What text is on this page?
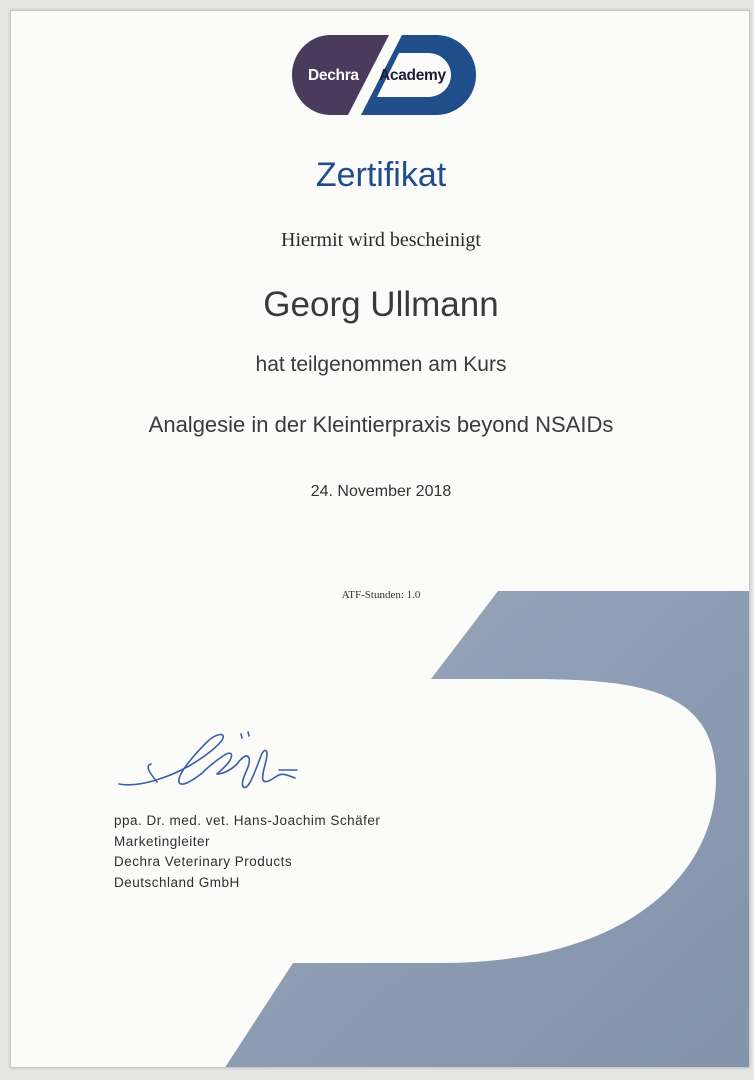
Dechra Academy
Zertifikat
Hiermit wird bescheinigt
Georg Ullmann
hat teilgenommen am Kurs
Analgesie in der Kleintierpraxis beyond NSAIDs
24. November 2018
ATF-Stunden: 1.0
ppa. Dr. med. vet. Hans-Joachim Schäfer
Marketingleiter
Dechra Veterinary Products
Deutschland GmbH
